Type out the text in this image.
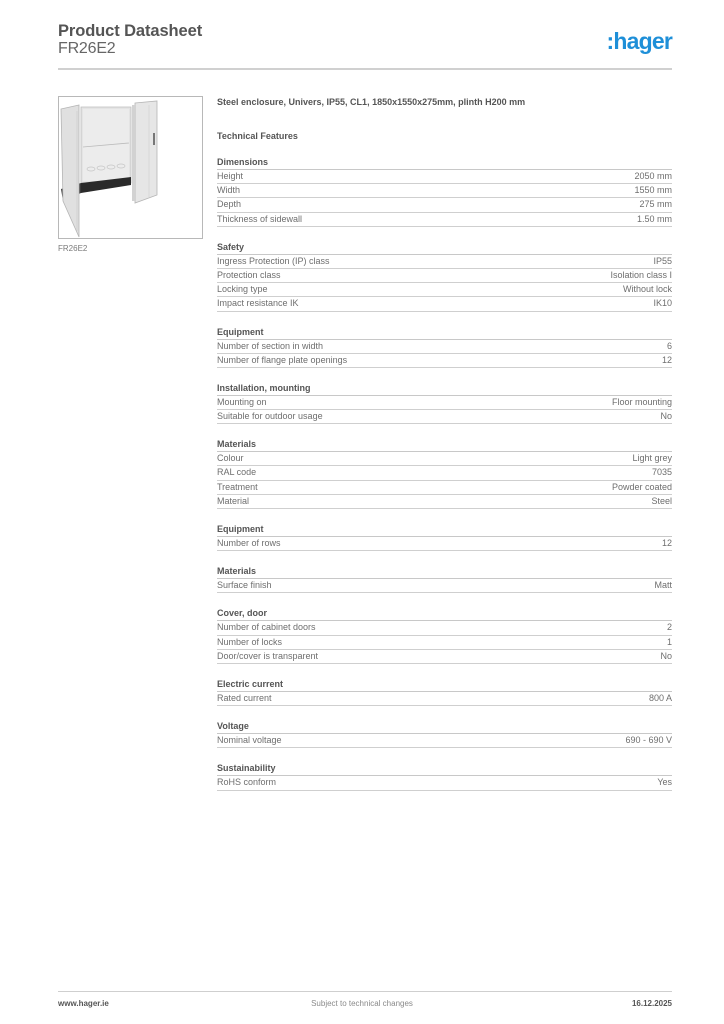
Product Datasheet
FR26E2	:hager
FR26E2
Steel enclosure, Univers, IP55, CL1, 1850x1550x275mm, plinth H200 mm
Technical Features
Dimensions
Height	2050 mm
Width	1550 mm
Depth	275 mm
Thickness of sidewall	1.50 mm
Safety
Ingress Protection (IP) class	IP55
Protection class	Isolation class I
Locking type	Without lock
Impact resistance IK	IK10
Equipment
Number of section in width	6
Number of flange plate openings	12
Installation, mounting
Mounting on	Floor mounting
Suitable for outdoor usage	No
Materials
Colour	Light grey
RAL code	7035
Treatment	Powder coated
Material	Steel
Equipment
Number of rows	12
Materials
Surface finish	Matt
Cover, door
Number of cabinet doors	2
Number of locks	1
Door/cover is transparent	No
Electric current
Rated current	800 A
Voltage
Nominal voltage	690 - 690 V
Sustainability
RoHS conform	Yes
www.hager.ie	Subject to technical changes	16.12.2025
